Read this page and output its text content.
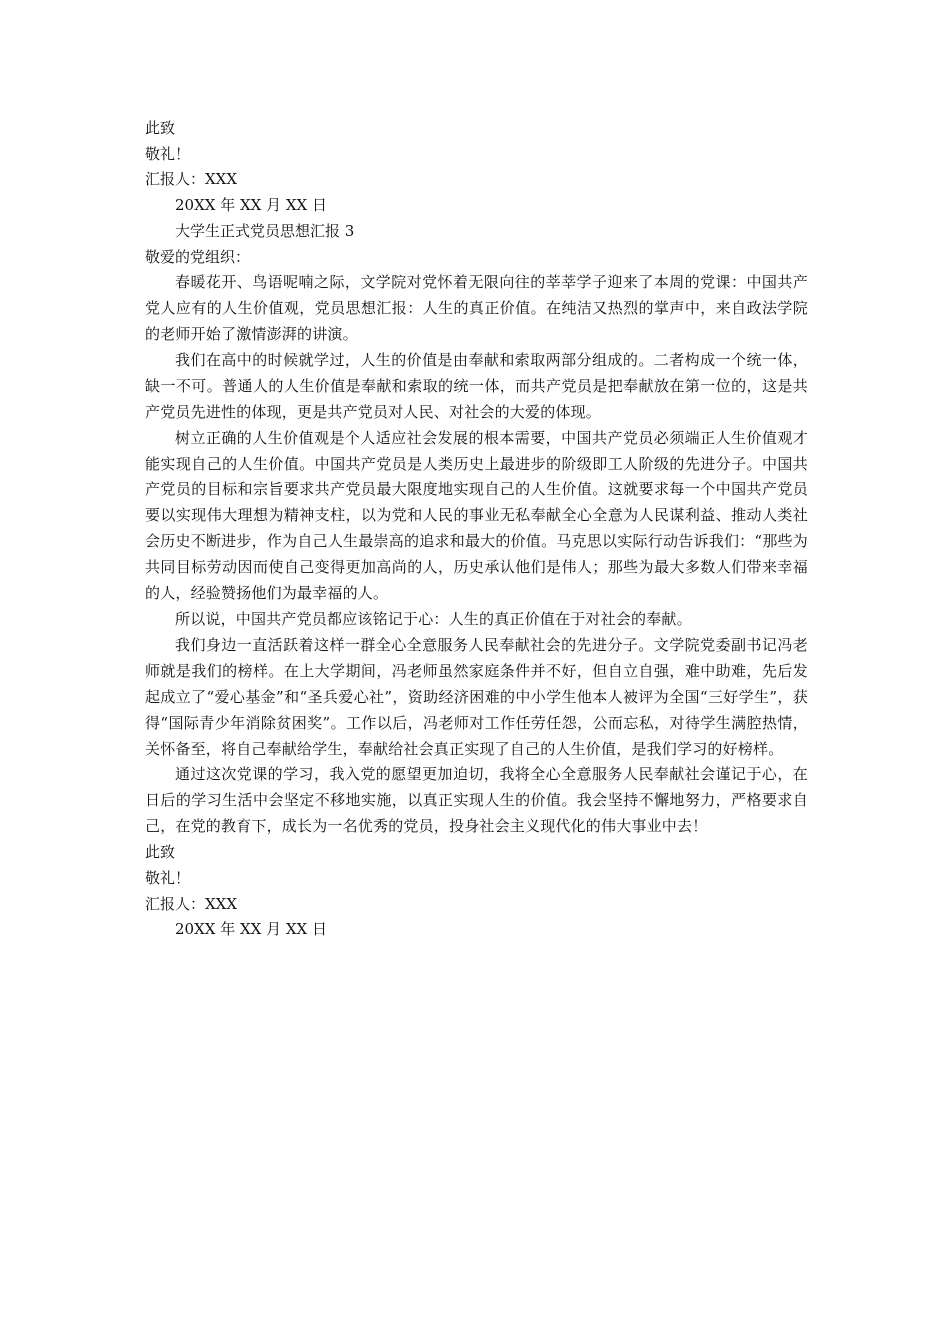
此致

敬礼！

汇报人：XXX

20XX 年 XX 月 XX 日

大学生正式党员思想汇报 3

敬爱的党组织：

春暖花开、鸟语呢喃之际，文学院对党怀着无限向往的莘莘学子迎来了本周的党课：中国共产党人应有的人生价值观，党员思想汇报：人生的真正价值。在纯洁又热烈的掌声中，来自政法学院的老师开始了激情澎湃的讲演。

我们在高中的时候就学过，人生的价值是由奉献和索取两部分组成的。二者构成一个统一体，缺一不可。普通人的人生价值是奉献和索取的统一体，而共产党员是把奉献放在第一位的，这是共产党员先进性的体现，更是共产党员对人民、对社会的大爱的体现。

树立正确的人生价值观是个人适应社会发展的根本需要，中国共产党员必须端正人生价值观才能实现自己的人生价值。中国共产党员是人类历史上最进步的阶级即工人阶级的先进分子。中国共产党员的目标和宗旨要求共产党员最大限度地实现自己的人生价值。这就要求每一个中国共产党员要以实现伟大理想为精神支柱，以为党和人民的事业无私奉献全心全意为人民谋利益、推动人类社会历史不断进步，作为自己人生最崇高的追求和最大的价值。马克思以实际行动告诉我们：“那些为共同目标劳动因而使自己变得更加高尚的人，历史承认他们是伟人；那些为最大多数人们带来幸福的人，经验赞扬他们为最幸福的人。

所以说，中国共产党员都应该铭记于心：人生的真正价值在于对社会的奉献。

我们身边一直活跃着这样一群全心全意服务人民奉献社会的先进分子。文学院党委副书记冯老师就是我们的榜样。在上大学期间，冯老师虽然家庭条件并不好，但自立自强，难中助难，先后发起成立了“爱心基金”和“圣兵爱心社”，资助经济困难的中小学生他本人被评为全国“三好学生”，获得“国际青少年消除贫困奖”。工作以后，冯老师对工作任劳任怨，公而忘私，对待学生满腔热情，关怀备至，将自己奉献给学生，奉献给社会真正实现了自己的人生价值，是我们学习的好榜样。

通过这次党课的学习，我入党的愿望更加迫切，我将全心全意服务人民奉献社会谨记于心，在日后的学习生活中会坚定不移地实施，以真正实现人生的价值。我会坚持不懈地努力，严格要求自己，在党的教育下，成长为一名优秀的党员，投身社会主义现代化的伟大事业中去！

此致

敬礼！

汇报人：XXX

20XX 年 XX 月 XX 日
